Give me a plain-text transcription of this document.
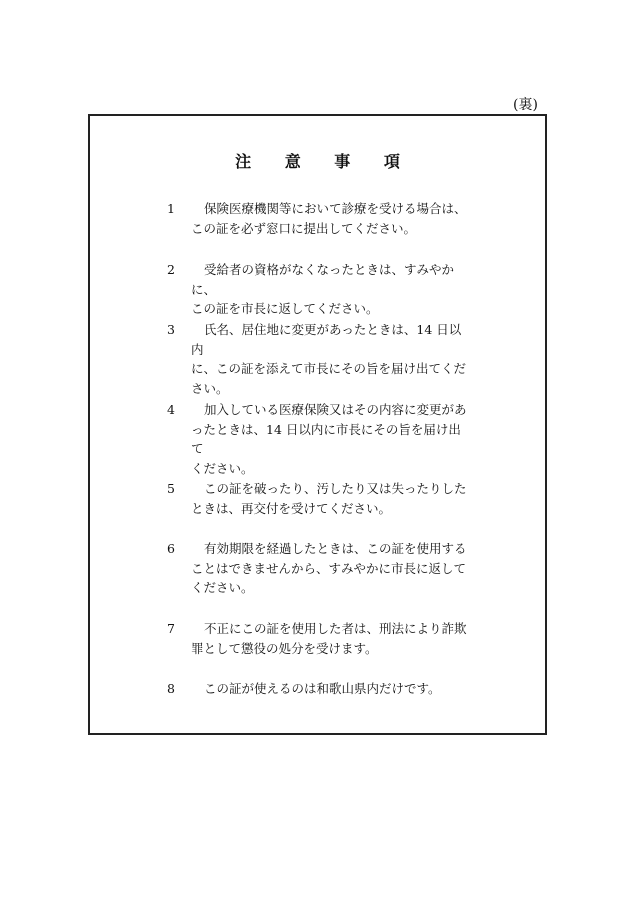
(裏)
注 意 事 項
1	保険医療機関等において診療を受ける場合は、
この証を必ず窓口に提出してください。
2	受給者の資格がなくなったときは、すみやかに、
この証を市長に返してください。
3	氏名、居住地に変更があったときは、14 日以内
に、この証を添えて市長にその旨を届け出てくだ
さい。
4	加入している医療保険又はその内容に変更があ
ったときは、14 日以内に市長にその旨を届け出て
ください。
5	この証を破ったり、汚したり又は失ったりした
ときは、再交付を受けてください。
6	有効期限を経過したときは、この証を使用する
ことはできませんから、すみやかに市長に返して
ください。
7	不正にこの証を使用した者は、刑法により詐欺
罪として懲役の処分を受けます。
8	この証が使えるのは和歌山県内だけです。
